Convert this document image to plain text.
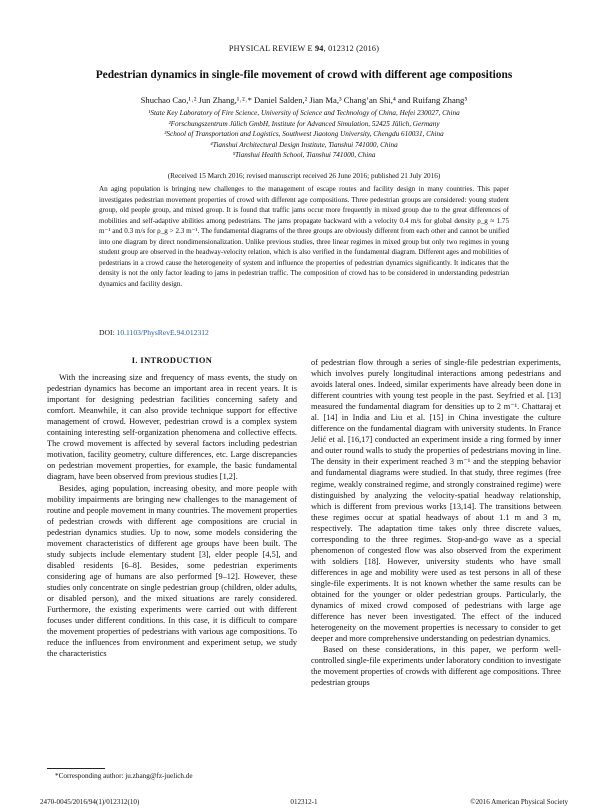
PHYSICAL REVIEW E 94, 012312 (2016)
Pedestrian dynamics in single-file movement of crowd with different age compositions
Shuchao Cao,¹˒² Jun Zhang,¹˒²˒* Daniel Salden,² Jian Ma,³ Chang’an Shi,⁴ and Ruifang Zhang⁵
¹State Key Laboratory of Fire Science, University of Science and Technology of China, Hefei 230027, China
²Forschungszentrum Jülich GmbH, Institute for Advanced Simulation, 52425 Jülich, Germany
³School of Transportation and Logistics, Southwest Jiaotong University, Chengdu 610031, China
⁴Tianshui Architectural Design Institute, Tianshui 741000, China
⁵Tianshui Health School, Tianshui 741000, China
(Received 15 March 2016; revised manuscript received 26 June 2016; published 21 July 2016)
An aging population is bringing new challenges to the management of escape routes and facility design in many countries. This paper investigates pedestrian movement properties of crowd with different age compositions. Three pedestrian groups are considered: young student group, old people group, and mixed group. It is found that traffic jams occur more frequently in mixed group due to the great differences of mobilities and self-adaptive abilities among pedestrians. The jams propagate backward with a velocity 0.4 m/s for global density ρ_g ≈ 1.75 m⁻¹ and 0.3 m/s for ρ_g > 2.3 m⁻¹. The fundamental diagrams of the three groups are obviously different from each other and cannot be unified into one diagram by direct nondimensionalization. Unlike previous studies, three linear regimes in mixed group but only two regimes in young student group are observed in the headway-velocity relation, which is also verified in the fundamental diagram. Different ages and mobilities of pedestrians in a crowd cause the heterogeneity of system and influence the properties of pedestrian dynamics significantly. It indicates that the density is not the only factor leading to jams in pedestrian traffic. The composition of crowd has to be considered in understanding pedestrian dynamics and facility design.
DOI: 10.1103/PhysRevE.94.012312
I. INTRODUCTION

With the increasing size and frequency of mass events, the study on pedestrian dynamics has become an important area in recent years. It is important for designing pedestrian facilities concerning safety and comfort. Meanwhile, it can also provide technique support for effective management of crowd. However, pedestrian crowd is a complex system containing interesting self-organization phenomena and collective effects. The crowd movement is affected by several factors including pedestrian motivation, facility geometry, culture differences, etc. Large discrepancies on pedestrian movement properties, for example, the basic fundamental diagram, have been observed from previous studies [1,2].

Besides, aging population, increasing obesity, and more people with mobility impairments are bringing new challenges to the management of routine and people movement in many countries. The movement properties of pedestrian crowds with different age compositions are crucial in pedestrian dynamics studies. Up to now, some models considering the movement characteristics of different age groups have been built. The study subjects include elementary student [3], elder people [4,5], and disabled residents [6–8]. Besides, some pedestrian experiments considering age of humans are also performed [9–12]. However, these studies only concentrate on single pedestrian group (children, older adults, or disabled person), and the mixed situations are rarely considered. Furthermore, the existing experiments were carried out with different focuses under different conditions. In this case, it is difficult to compare the movement properties of pedestrians with various age compositions. To reduce the influences from environment and experiment setup, we study the characteristics

of pedestrian flow through a series of single-file pedestrian experiments, which involves purely longitudinal interactions among pedestrians and avoids lateral ones. Indeed, similar experiments have already been done in different countries with young test people in the past. Seyfried et al. [13] measured the fundamental diagram for densities up to 2 m⁻¹. Chattaraj et al. [14] in India and Liu et al. [15] in China investigate the culture difference on the fundamental diagram with university students. In France Jelić et al. [16,17] conducted an experiment inside a ring formed by inner and outer round walls to study the properties of pedestrians moving in line. The density in their experiment reached 3 m⁻¹ and the stepping behavior and fundamental diagrams were studied. In that study, three regimes (free regime, weakly constrained regime, and strongly constrained regime) were distinguished by analyzing the velocity-spatial headway relationship, which is different from previous works [13,14]. The transitions between these regimes occur at spatial headways of about 1.1 m and 3 m, respectively. The adaptation time takes only three discrete values, corresponding to the three regimes. Stop-and-go wave as a special phenomenon of congested flow was also observed from the experiment with soldiers [18]. However, university students who have small differences in age and mobility were used as test persons in all of these single-file experiments. It is not known whether the same results can be obtained for the younger or older pedestrian groups. Particularly, the dynamics of mixed crowd composed of pedestrians with large age difference has never been investigated. The effect of the induced heterogeneity on the movement properties is necessary to consider to get deeper and more comprehensive understanding on pedestrian dynamics.

Based on these considerations, in this paper, we perform well-controlled single-file experiments under laboratory condition to investigate the movement properties of crowds with different age compositions. Three pedestrian groups

*Corresponding author: ju.zhang@fz-juelich.de
2470-0045/2016/94(1)/012312(10)	012312-1	©2016 American Physical Society
